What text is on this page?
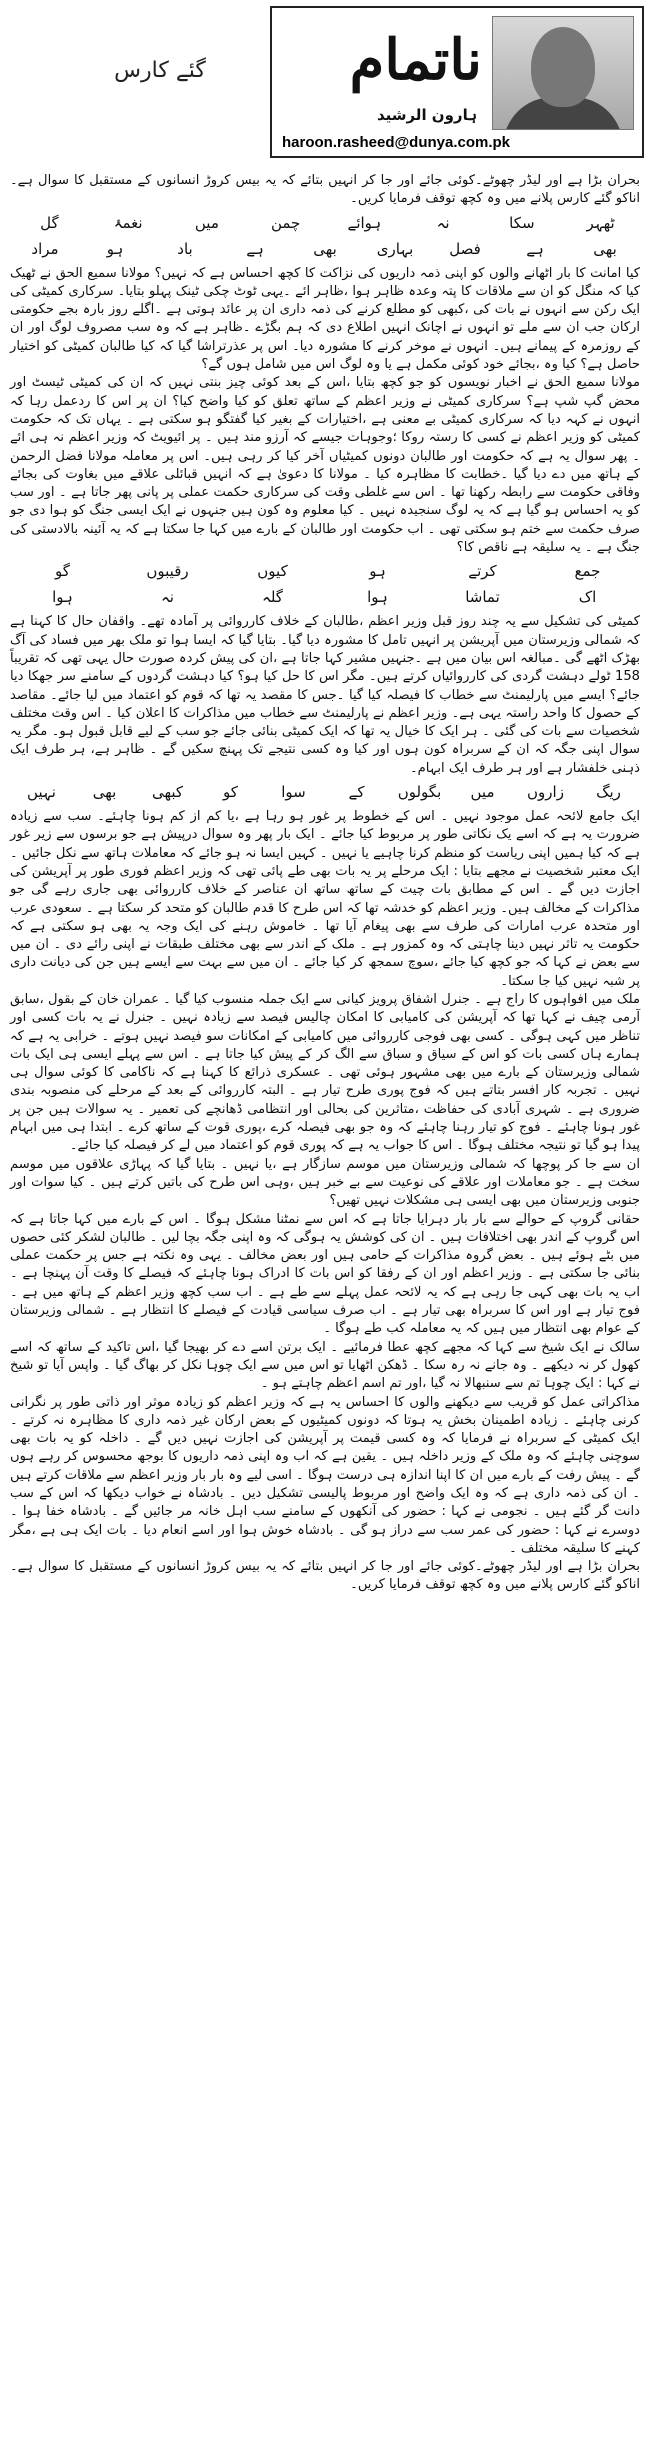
ناتمام
ہارون الرشید
haroon.rasheed@dunya.com.pk
گئے کارس

بحران بڑا ہے اور لیڈر چھوٹے۔کوئی جائے اور جا کر انہیں بتائے کہ یہ بیس کروڑ انسانوں کے مستقبل کا سوال ہے۔اناکو گئے کارس پلانے میں وہ کچھ توقف فرمایا کریں۔

ٹھہر
سکا
نہ
ہوائے
چمن
میں
نغمۂ
گل
بھی
ہے
فصل
بہاری
بھی
ہے
باد
ہو
مراد

کیا امانت کا بار اٹھانے والوں کو اپنی ذمہ داریوں کی نزاکت کا کچھ احساس ہے کہ نہیں؟ مولانا سمیع الحق نے ٹھیک کیا کہ منگل کو ان سے ملاقات کا پتہ وعدہ ظاہر ہوا ،ظاہر ائے ۔یہی ٹوٹ چکی ٹینک پہلو بتایا۔ سرکاری کمیٹی کی ایک رکن سے انہوں نے بات کی ،کبھی کو مطلع کرنے کی ذمہ داری ان پر عائد ہوتی ہے ۔اگلے روز بارہ بجے حکومتی ارکان جب ان سے ملے تو انہوں نے اچانک انہیں اطلاع دی کہ ہم بگڑے ۔ظاہر ہے کہ وہ سب مصروف لوگ اور ان کے روزمرہ کے پیمانے ہیں۔ انہوں نے موخر کرنے کا مشورہ دیا۔ اس پر عذرتراشا گیا کہ کیا طالبان کمیٹی کو اختیار حاصل ہے؟ کیا وہ ،بجائے خود کوئی مکمل ہے یا وہ لوگ اس میں شامل ہوں گے؟

مولانا سمیع الحق نے اخبار نویسوں کو جو کچھ بتایا ،اس کے بعد کوئی چیز بنتی نہیں کہ ان کی کمیٹی ٹیسٹ اور محض گپ شپ ہے؟ سرکاری کمیٹی نے وزیر اعظم کے ساتھ تعلق کو کیا واضح کیا؟ ان پر اس کا ردعمل رہا کہ انہوں نے کہہ دیا کہ سرکاری کمیٹی بے معنی ہے ،اختیارات کے بغیر کیا گفتگو ہو سکتی ہے ۔ یہاں تک کہ حکومت کمیٹی کو وزیر اعظم نے کسی کا رستہ روکا ؛وجوہات جیسے کہ آرزو مند ہیں ۔ پر ائیویٹ کہ وزیر اعظم نہ ہی ائے ۔ پھر سوال یہ ہے کہ حکومت اور طالبان دونوں کمیٹیاں آخر کیا کر رہی ہیں۔ اس پر معاملہ مولانا فضل الرحمن کے ہاتھ میں دے دیا گیا ۔خطابت کا مظاہرہ کیا ۔ مولانا کا دعویٰ ہے کہ انہیں قبائلی علاقے میں بغاوت کی بجائے وفاقی حکومت سے رابطہ رکھنا تھا ۔ اس سے غلطی وقت کی سرکاری حکمت عملی پر پانی پھر جاتا ہے ۔ اور سب کو یہ احساس ہو گیا ہے کہ یہ لوگ سنجیدہ نہیں ۔ کیا معلوم وہ کون ہیں جنہوں نے ایک ایسی جنگ کو ہوا دی جو صرف حکمت سے ختم ہو سکتی تھی ۔ اب حکومت اور طالبان کے بارے میں کہا جا سکتا ہے کہ یہ آئینہ بالادستی کی جنگ ہے ۔ یہ سلیقہ ہے ناقص کا؟

جمع
کرتے
ہو
کیوں
رقیبوں
گو
اک
تماشا
ہوا
گلہ
نہ
ہوا

کمیٹی کی تشکیل سے یہ چند روز قبل وزیر اعظم ،طالبان کے خلاف کارروائی پر آمادہ تھے۔ واقفان حال کا کہنا ہے کہ شمالی وزیرستان میں آپریشن پر انہیں تامل کا مشورہ دیا گیا۔ بتایا گیا کہ ایسا ہوا تو ملک بھر میں فساد کی آگ بھڑک اٹھے گی ۔مبالغہ اس بیان میں ہے ۔جنہیں مشیر کہا جاتا ہے ،ان کی پیش کردہ صورت حال یہی تھی کہ تقریباً 158 ٹولے دہشت گردی کی کارروائیاں کرتے ہیں۔ مگر اس کا حل کیا ہو؟ کیا دہشت گردوں کے سامنے سر جھکا دیا جائے؟ ایسے میں پارلیمنٹ سے خطاب کا فیصلہ کیا گیا ۔جس کا مقصد یہ تھا کہ قوم کو اعتماد میں لیا جائے۔ مقاصد کے حصول کا واحد راستہ یہی ہے۔ وزیر اعظم نے پارلیمنٹ سے خطاب میں مذاکرات کا اعلان کیا ۔ اس وقت مختلف شخصیات سے بات کی گئی ۔ ہر ایک کا خیال یہ تھا کہ ایک کمیٹی بنائی جائے جو سب کے لیے قابل قبول ہو۔ مگر یہ سوال اپنی جگہ کہ ان کے سربراہ کون ہوں اور کیا وہ کسی نتیجے تک پہنچ سکیں گے ۔ ظاہر ہے، ہر طرف ایک ذہنی خلفشار ہے اور ہر طرف ایک ابہام۔

ریگ
زاروں
میں
بگولوں
کے
سوا
کو
کبھی
بھی
نہیں

ایک جامع لائحہ عمل موجود نہیں ۔ اس کے خطوط پر غور ہو رہا ہے ،یا کم از کم ہونا چاہئے۔ سب سے زیادہ ضرورت یہ ہے کہ اسے یک نکاتی طور پر مربوط کیا جائے ۔ ایک بار پھر وہ سوال درپیش ہے جو برسوں سے زیر غور ہے کہ کیا ہمیں اپنی ریاست کو منظم کرنا چاہیے یا نہیں ۔ کہیں ایسا نہ ہو جائے کہ معاملات ہاتھ سے نکل جائیں ۔ ایک معتبر شخصیت نے مجھے بتایا : ایک مرحلے پر یہ بات بھی طے پائی تھی کہ وزیر اعظم فوری طور پر آپریشن کی اجازت دیں گے ۔ اس کے مطابق بات چیت کے ساتھ ساتھ ان عناصر کے خلاف کارروائی بھی جاری رہے گی جو مذاکرات کے مخالف ہیں۔ وزیر اعظم کو خدشہ تھا کہ اس طرح کا قدم طالبان کو متحد کر سکتا ہے ۔ سعودی عرب اور متحدہ عرب امارات کی طرف سے بھی پیغام آیا تھا ۔ خاموش رہنے کی ایک وجہ یہ بھی ہو سکتی ہے کہ حکومت یہ تاثر نہیں دینا چاہتی کہ وہ کمزور ہے ۔ ملک کے اندر سے بھی مختلف طبقات نے اپنی رائے دی ۔ ان میں سے بعض نے کہا کہ جو کچھ کیا جائے ،سوچ سمجھ کر کیا جائے ۔ ان میں سے بہت سے ایسے ہیں جن کی دیانت داری پر شبہ نہیں کیا جا سکتا۔

ملک میں افواہوں کا راج ہے ۔ جنرل اشفاق پرویز کیانی سے ایک جملہ منسوب کیا گیا ۔ عمران خان کے بقول ،سابق آرمی چیف نے کہا تھا کہ آپریشن کی کامیابی کا امکان چالیس فیصد سے زیادہ نہیں ۔ جنرل نے یہ بات کسی اور تناظر میں کہی ہوگی ۔ کسی بھی فوجی کارروائی میں کامیابی کے امکانات سو فیصد نہیں ہوتے ۔ خرابی یہ ہے کہ ہمارے ہاں کسی بات کو اس کے سیاق و سباق سے الگ کر کے پیش کیا جاتا ہے ۔ اس سے پہلے ایسی ہی ایک بات شمالی وزیرستان کے بارے میں بھی مشہور ہوئی تھی ۔ عسکری ذرائع کا کہنا ہے کہ ناکامی کا کوئی سوال ہی نہیں ۔ تجربہ کار افسر بتاتے ہیں کہ فوج پوری طرح تیار ہے ۔ البتہ کارروائی کے بعد کے مرحلے کی منصوبہ بندی ضروری ہے ۔ شہری آبادی کی حفاظت ،متاثرین کی بحالی اور انتظامی ڈھانچے کی تعمیر ۔ یہ سوالات ہیں جن پر غور ہونا چاہئے ۔ فوج کو تیار رہنا چاہئے کہ وہ جو بھی فیصلہ کرے ،پوری قوت کے ساتھ کرے ۔ ابتدا ہی میں ابہام پیدا ہو گیا تو نتیجہ مختلف ہوگا ۔ اس کا جواب یہ ہے کہ پوری قوم کو اعتماد میں لے کر فیصلہ کیا جائے۔

ان سے جا کر پوچھا کہ شمالی وزیرستان میں موسم سازگار ہے ،یا نہیں ۔ بتایا گیا کہ پہاڑی علاقوں میں موسم سخت ہے ۔ جو معاملات اور علاقے کی نوعیت سے بے خبر ہیں ،وہی اس طرح کی باتیں کرتے ہیں ۔ کیا سوات اور جنوبی وزیرستان میں بھی ایسی ہی مشکلات نہیں تھیں؟

حقانی گروپ کے حوالے سے بار بار دہرایا جاتا ہے کہ اس سے نمٹنا مشکل ہوگا ۔ اس کے بارے میں کہا جاتا ہے کہ اس گروپ کے اندر بھی اختلافات ہیں ۔ ان کی کوشش یہ ہوگی کہ وہ اپنی جگہ بچا لیں ۔ طالبان لشکر کئی حصوں میں بٹے ہوئے ہیں ۔ بعض گروہ مذاکرات کے حامی ہیں اور بعض مخالف ۔ یہی وہ نکتہ ہے جس پر حکمت عملی بنائی جا سکتی ہے ۔ وزیر اعظم اور ان کے رفقا کو اس بات کا ادراک ہونا چاہئے کہ فیصلے کا وقت آن پہنچا ہے ۔ اب یہ بات بھی کہی جا رہی ہے کہ یہ لائحہ عمل پہلے سے طے ہے ۔ اب سب کچھ وزیر اعظم کے ہاتھ میں ہے ۔ فوج تیار ہے اور اس کا سربراہ بھی تیار ہے ۔ اب صرف سیاسی قیادت کے فیصلے کا انتظار ہے ۔ شمالی وزیرستان کے عوام بھی انتظار میں ہیں کہ یہ معاملہ کب طے ہوگا ۔

سالک نے ایک شیخ سے کہا کہ مجھے کچھ عطا فرمائیے ۔ ایک برتن اسے دے کر بھیجا گیا ،اس تاکید کے ساتھ کہ اسے کھول کر نہ دیکھے ۔ وہ جانے نہ رہ سکا ۔ ڈھکن اٹھایا تو اس میں سے ایک چوہا نکل کر بھاگ گیا ۔ واپس آیا تو شیخ نے کہا : ایک چوہا تم سے سنبھالا نہ گیا ،اور تم اسم اعظم چاہتے ہو ۔

مذاکراتی عمل کو قریب سے دیکھنے والوں کا احساس یہ ہے کہ وزیر اعظم کو زیادہ موثر اور ذاتی طور پر نگرانی کرنی چاہئے ۔ زیادہ اطمینان بخش یہ ہوتا کہ دونوں کمیٹیوں کے بعض ارکان غیر ذمہ داری کا مظاہرہ نہ کرتے ۔ ایک کمیٹی کے سربراہ نے فرمایا کہ وہ کسی قیمت پر آپریشن کی اجازت نہیں دیں گے ۔ داخلہ کو یہ بات بھی سوچنی چاہئے کہ وہ ملک کے وزیر داخلہ ہیں ۔ یقین ہے کہ اب وہ اپنی ذمہ داریوں کا بوجھ محسوس کر رہے ہوں گے ۔ پیش رفت کے بارے میں ان کا اپنا اندازہ ہی درست ہوگا ۔ اسی لیے وہ بار بار وزیر اعظم سے ملاقات کرتے ہیں ۔ ان کی ذمہ داری ہے کہ وہ ایک واضح اور مربوط پالیسی تشکیل دیں ۔ بادشاہ نے خواب دیکھا کہ اس کے سب دانت گر گئے ہیں ۔ نجومی نے کہا : حضور کی آنکھوں کے سامنے سب اہل خانہ مر جائیں گے ۔ بادشاہ خفا ہوا ۔ دوسرے نے کہا : حضور کی عمر سب سے دراز ہو گی ۔ بادشاہ خوش ہوا اور اسے انعام دیا ۔ بات ایک ہی ہے ،مگر کہنے کا سلیقہ مختلف ۔

بحران بڑا ہے اور لیڈر چھوٹے۔کوئی جائے اور جا کر انہیں بتائے کہ یہ بیس کروڑ انسانوں کے مستقبل کا سوال ہے۔اناکو گئے کارس پلانے میں وہ کچھ توقف فرمایا کریں۔
